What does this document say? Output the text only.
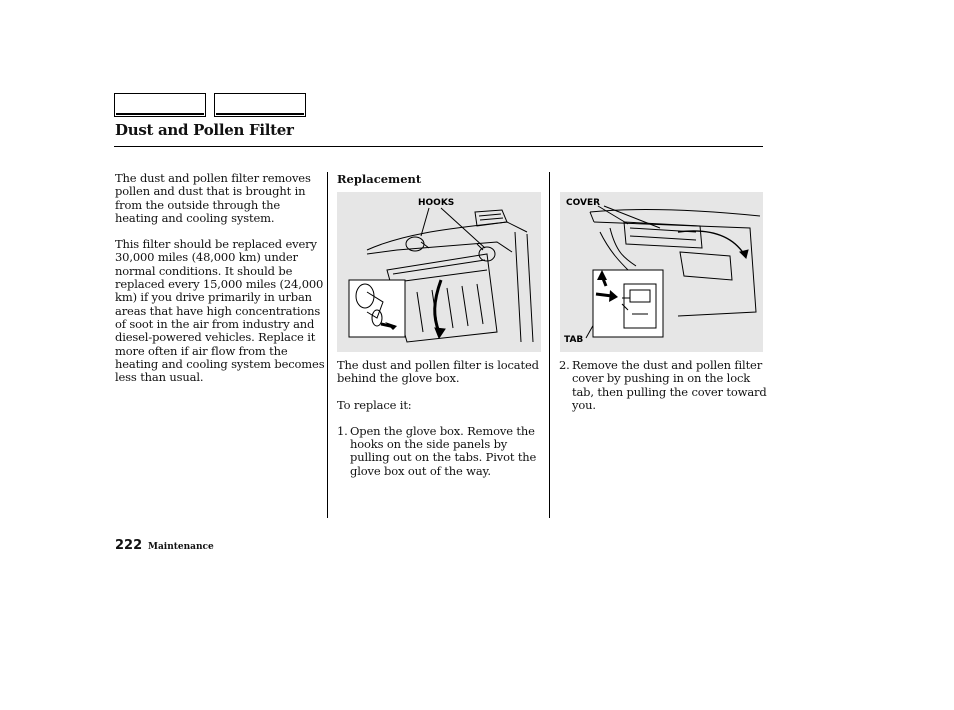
Dust and Pollen Filter

The dust and pollen filter removes pollen and dust that is brought in from the outside through the heating and cooling system.

This filter should be replaced every 30,000 miles (48,000 km) under normal conditions. It should be replaced every 15,000 miles (24,000 km) if you drive primarily in urban areas that have high concentrations of soot in the air from industry and diesel-powered vehicles. Replace it more often if air flow from the heating and cooling system becomes less than usual.

Replacement
HOOKS

The dust and pollen filter is located behind the glove box.

To replace it:

1. Open the glove box. Remove the hooks on the side panels by pulling out on the tabs. Pivot the glove box out of the way.
COVER
TAB
2. Remove the dust and pollen filter cover by pushing in on the lock tab, then pulling the cover toward you.
222 Maintenance
